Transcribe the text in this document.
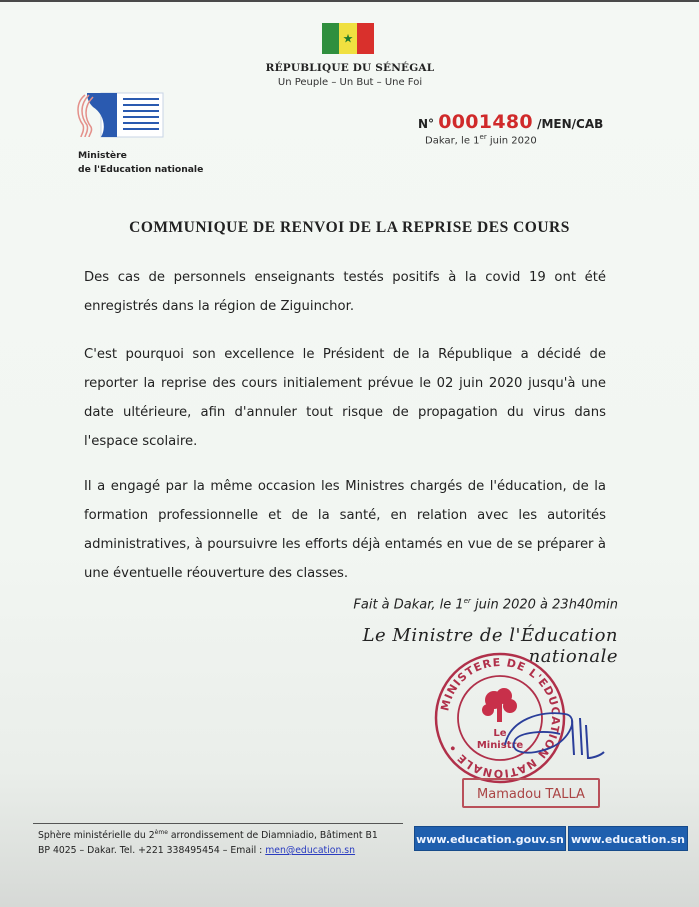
★
RÉPUBLIQUE DU SÉNÉGAL
Un Peuple – Un But – Une Foi
Ministère
de l'Education nationale
N° 0001480 /MEN/CAB
Dakar, le 1er juin 2020
COMMUNIQUE DE RENVOI DE LA REPRISE DES COURS
Des cas de personnels enseignants testés positifs à la covid 19 ont été enregistrés dans la région de Ziguinchor.
C'est pourquoi son excellence le Président de la République a décidé de reporter la reprise des cours initialement prévue le 02 juin 2020 jusqu'à une date ultérieure, afin d'annuler tout risque de propagation du virus dans l'espace scolaire.
Il a engagé par la même occasion les Ministres chargés de l'éducation, de la formation professionnelle et de la santé, en relation avec les autorités administratives, à poursuivre les efforts déjà entamés en vue de se préparer à une éventuelle réouverture des classes.
Fait à Dakar, le 1er juin 2020 à 23h40min
Le Ministre de l'Éducation nationale
MINISTERE DE L'EDUCATION NATIONALE •
Le
Ministre
Mamadou TALLA
Sphère ministérielle du 2ème arrondissement de Diamniadio, Bâtiment B1
BP 4025 – Dakar. Tel. +221 338495454 – Email : men@education.sn
www.education.gouv.sn www.education.sn
